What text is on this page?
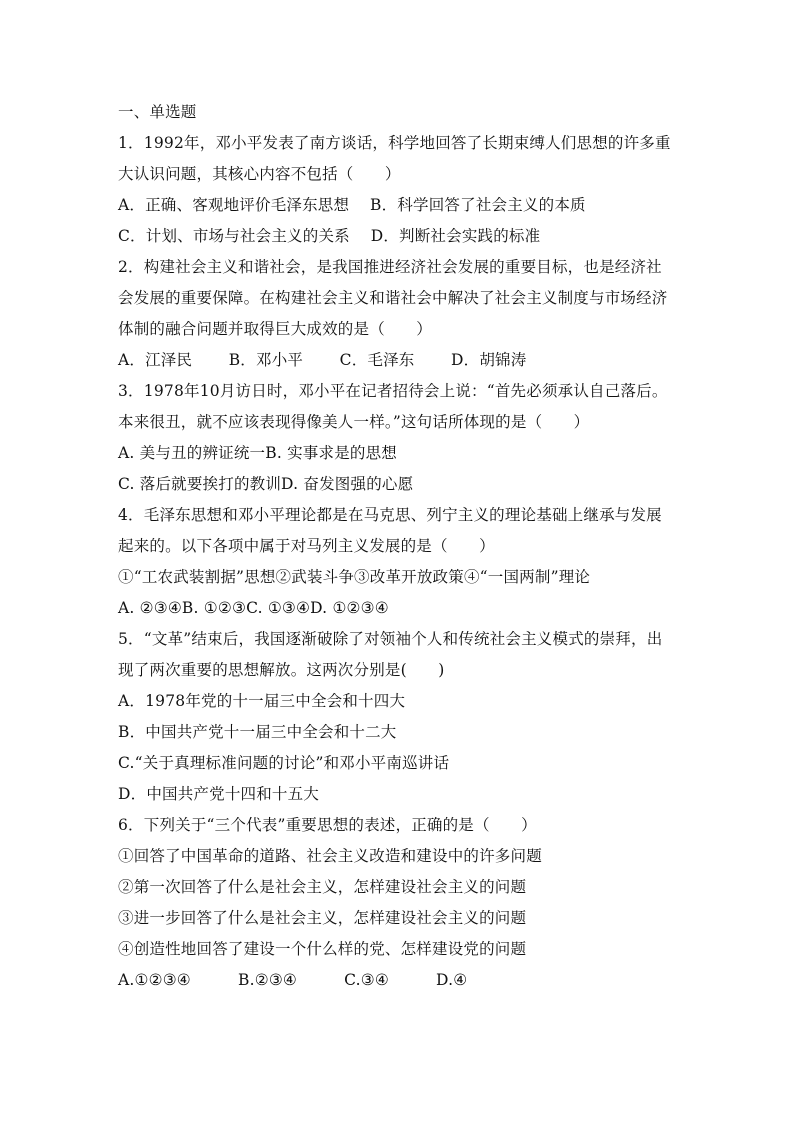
一、单选题
1．1992年，邓小平发表了南方谈话，科学地回答了长期束缚人们思想的许多重
大认识问题，其核心内容不包括（　　）
A．正确、客观地评价毛泽东思想　 B．科学回答了社会主义的本质
C．计划、市场与社会主义的关系　 D．判断社会实践的标准
2．构建社会主义和谐社会，是我国推进经济社会发展的重要目标，也是经济社
会发展的重要保障。在构建社会主义和谐社会中解决了社会主义制度与市场经济
体制的融合问题并取得巨大成效的是（　　）
A．江泽民　　 B．邓小平　　 C．毛泽东　　 D．胡锦涛
3．1978年10月访日时，邓小平在记者招待会上说：“首先必须承认自己落后。
本来很丑，就不应该表现得像美人一样。”这句话所体现的是（　　）
A. 美与丑的辨证统一B. 实事求是的思想
C. 落后就要挨打的教训D. 奋发图强的心愿
4．毛泽东思想和邓小平理论都是在马克思、列宁主义的理论基础上继承与发展
起来的。以下各项中属于对马列主义发展的是（　　）
①“工农武装割据”思想②武装斗争③改革开放政策④“一国两制”理论
A. ②③④B. ①②③C. ①③④D. ①②③④
5．“文革”结束后，我国逐渐破除了对领袖个人和传统社会主义模式的崇拜，出
现了两次重要的思想解放。这两次分别是(　　)
A．1978年党的十一届三中全会和十四大
B．中国共产党十一届三中全会和十二大
C.“关于真理标准问题的讨论”和邓小平南巡讲话
D．中国共产党十四和十五大
6．下列关于“三个代表”重要思想的表述，正确的是（　　）
①回答了中国革命的道路、社会主义改造和建设中的许多问题
②第一次回答了什么是社会主义，怎样建设社会主义的问题
③进一步回答了什么是社会主义，怎样建设社会主义的问题
④创造性地回答了建设一个什么样的党、怎样建设党的问题
A.①②③④　　　B.②③④　　　C.③④　　　D.④
